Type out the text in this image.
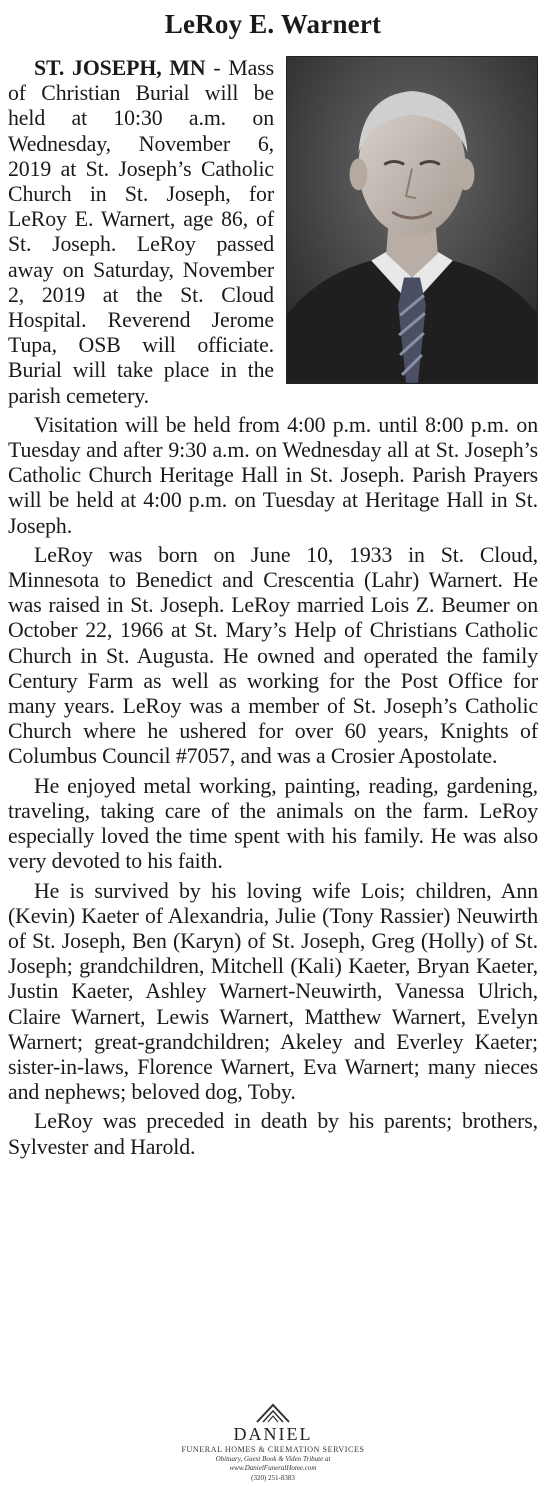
LeRoy E. Warnert

ST. JOSEPH, MN - Mass of Christian Burial will be held at 10:30 a.m. on Wednesday, November 6, 2019 at St. Joseph’s Catholic Church in St. Joseph, for LeRoy E. Warnert, age 86, of St. Joseph. LeRoy passed away on Saturday, November 2, 2019 at the St. Cloud Hospital. Reverend Jerome Tupa, OSB will officiate. Burial will take place in the parish cemetery.

Visitation will be held from 4:00 p.m. until 8:00 p.m. on Tuesday and after 9:30 a.m. on Wednesday all at St. Joseph’s Catholic Church Heritage Hall in St. Joseph. Parish Prayers will be held at 4:00 p.m. on Tuesday at Heritage Hall in St. Joseph.

LeRoy was born on June 10, 1933 in St. Cloud, Minnesota to Benedict and Crescentia (Lahr) Warnert. He was raised in St. Joseph. LeRoy married Lois Z. Beumer on October 22, 1966 at St. Mary’s Help of Christians Catholic Church in St. Augusta. He owned and operated the family Century Farm as well as working for the Post Office for many years. LeRoy was a member of St. Joseph’s Catholic Church where he ushered for over 60 years, Knights of Columbus Council #7057, and was a Crosier Apostolate.

He enjoyed metal working, painting, reading, gardening, traveling, taking care of the animals on the farm. LeRoy especially loved the time spent with his family. He was also very devoted to his faith.

He is survived by his loving wife Lois; children, Ann (Kevin) Kaeter of Alexandria, Julie (Tony Rassier) Neuwirth of St. Joseph, Ben (Karyn) of St. Joseph, Greg (Holly) of St. Joseph; grandchildren, Mitchell (Kali) Kaeter, Bryan Kaeter, Justin Kaeter, Ashley Warnert-Neuwirth, Vanessa Ulrich, Claire Warnert, Lewis Warnert, Matthew Warnert, Evelyn Warnert; great-grandchildren; Akeley and Everley Kaeter; sister-in-laws, Florence Warnert, Eva Warnert; many nieces and nephews; beloved dog, Toby.

LeRoy was preceded in death by his parents; brothers, Sylvester and Harold.

DANIEL
FUNERAL HOMES & CREMATION SERVICES
Obituary, Guest Book & Video Tribute at
www.DanielFuneralHome.com
(320) 251-8383
